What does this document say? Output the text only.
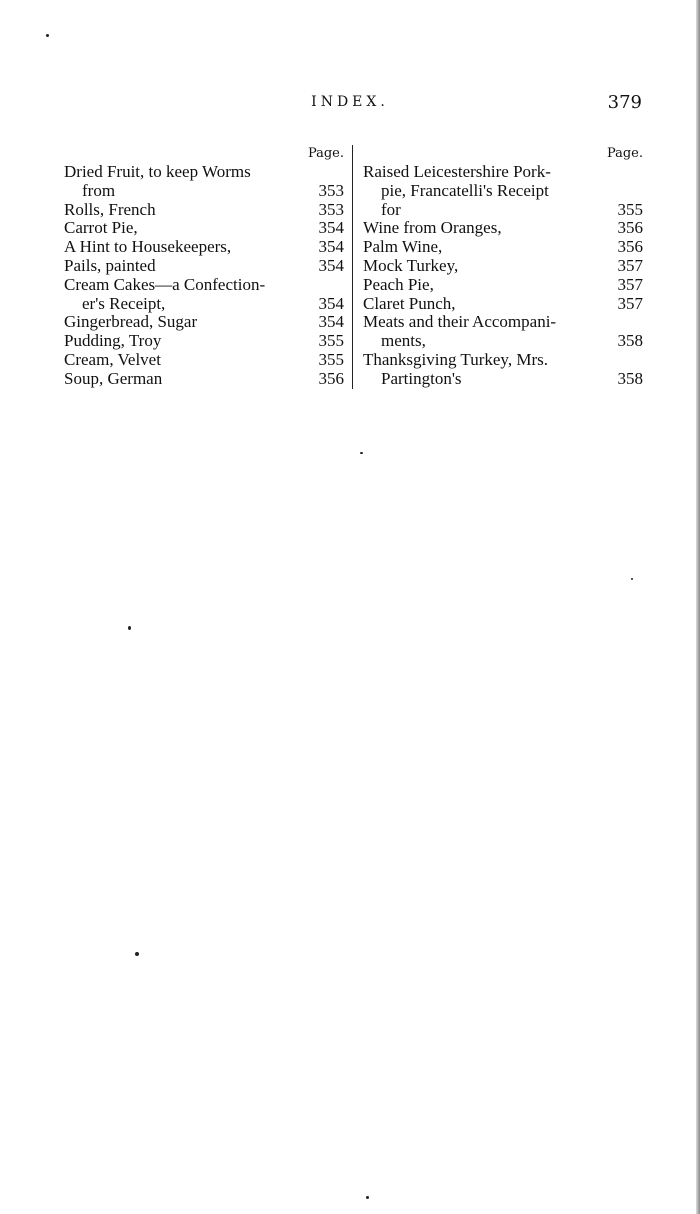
INDEX.	379
Page.
Dried Fruit, to keep Worms
from	353
Rolls, French	353
Carrot Pie,	354
A Hint to Housekeepers,	354
Pails, painted	354
Cream Cakes—a Confection-
er's Receipt,	354
Gingerbread, Sugar	354
Pudding, Troy	355
Cream, Velvet	355
Soup, German	356
Page.
Raised Leicestershire Pork-
pie, Francatelli's Receipt
for	355
Wine from Oranges,	356
Palm Wine,	356
Mock Turkey,	357
Peach Pie,	357
Claret Punch,	357
Meats and their Accompani-
ments,	358
Thanksgiving Turkey, Mrs.
Partington's	358
